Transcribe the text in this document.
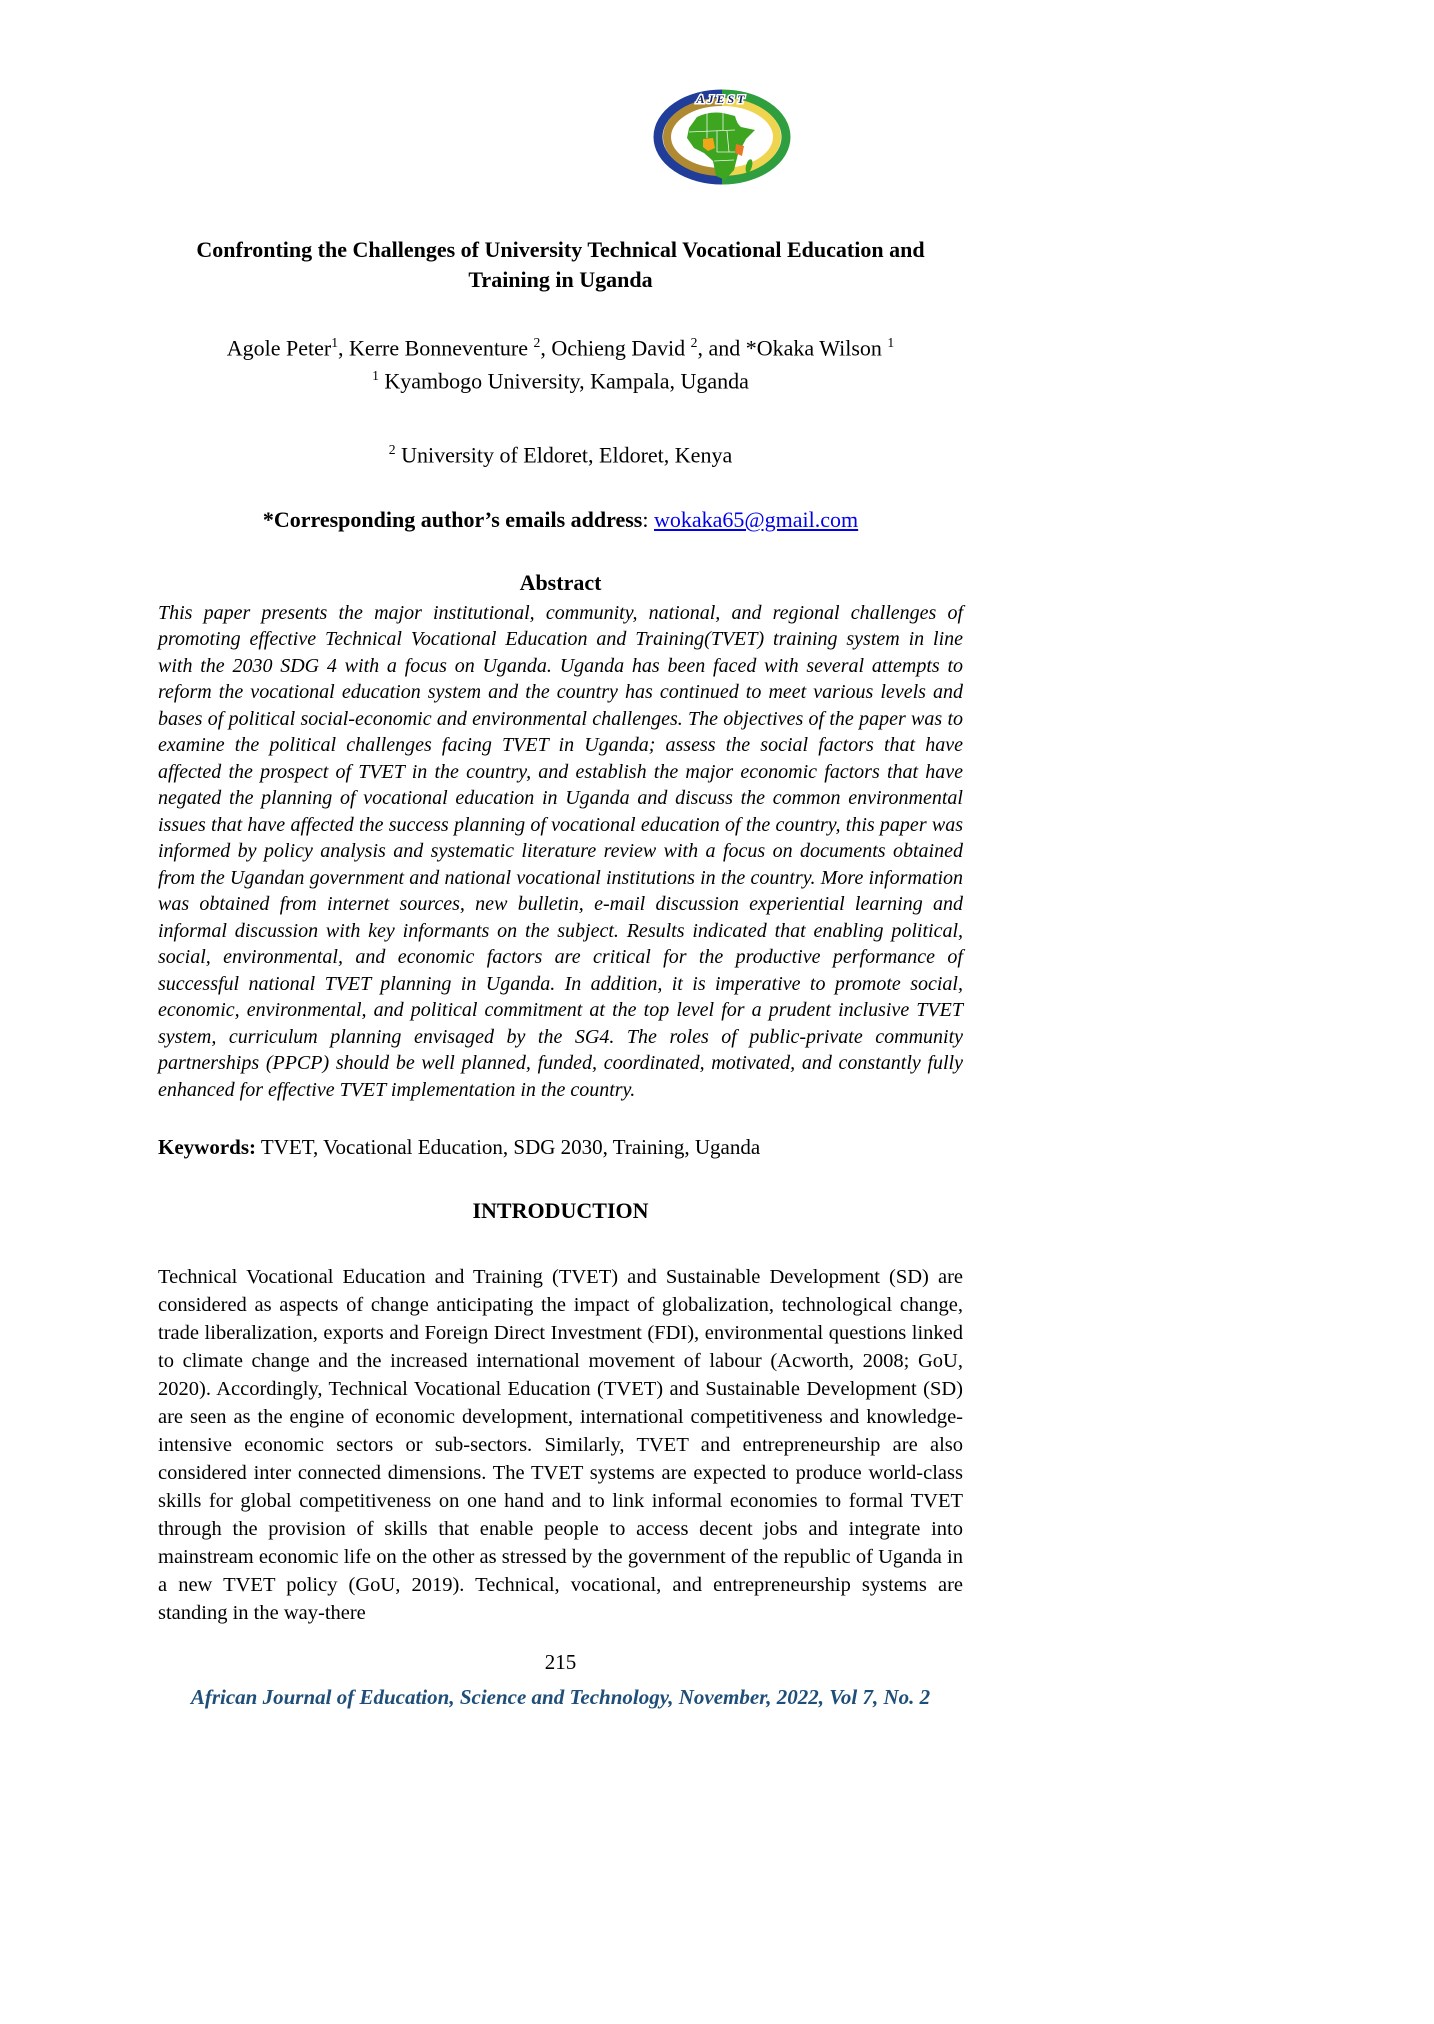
AJEST
Confronting the Challenges of University Technical Vocational Education and
Training in Uganda
Agole Peter$^1$, Kerre Bonneventure $^2$, Ochieng David $^2$, and *Okaka Wilson $^1$
$^1$ Kyambogo University, Kampala, Uganda
$^2$ University of Eldoret, Eldoret, Kenya
*Corresponding author’s emails address: wokaka65@gmail.com
Abstract
This paper presents the major institutional, community, national, and regional challenges of promoting effective Technical Vocational Education and Training(TVET) training system in line with the 2030 SDG 4 with a focus on Uganda. Uganda has been faced with several attempts to reform the vocational education system and the country has continued to meet various levels and bases of political social-economic and environmental challenges. The objectives of the paper was to examine the political challenges facing TVET in Uganda; assess the social factors that have affected the prospect of TVET in the country, and establish the major economic factors that have negated the planning of vocational education in Uganda and discuss the common environmental issues that have affected the success planning of vocational education of the country, this paper was informed by policy analysis and systematic literature review with a focus on documents obtained from the Ugandan government and national vocational institutions in the country. More information was obtained from internet sources, new bulletin, e-mail discussion experiential learning and informal discussion with key informants on the subject. Results indicated that enabling political, social, environmental, and economic factors are critical for the productive performance of successful national TVET planning in Uganda. In addition, it is imperative to promote social, economic, environmental, and political commitment at the top level for a prudent inclusive TVET system, curriculum planning envisaged by the SG4. The roles of public-private community partnerships (PPCP) should be well planned, funded, coordinated, motivated, and constantly fully enhanced for effective TVET implementation in the country.
Keywords: TVET, Vocational Education, SDG 2030, Training, Uganda
INTRODUCTION
Technical Vocational Education and Training (TVET) and Sustainable Development (SD) are considered as aspects of change anticipating the impact of globalization, technological change, trade liberalization, exports and Foreign Direct Investment (FDI), environmental questions linked to climate change and the increased international movement of labour (Acworth, 2008; GoU, 2020). Accordingly, Technical Vocational Education (TVET) and Sustainable Development (SD) are seen as the engine of economic development, international competitiveness and knowledge-intensive economic sectors or sub-sectors. Similarly, TVET and entrepreneurship are also considered inter connected dimensions. The TVET systems are expected to produce world-class skills for global competitiveness on one hand and to link informal economies to formal TVET through the provision of skills that enable people to access decent jobs and integrate into mainstream economic life on the other as stressed by the government of the republic of Uganda in a new TVET policy (GoU, 2019). Technical, vocational, and entrepreneurship systems are standing in the way-there
215
African Journal of Education, Science and Technology, November, 2022, Vol 7, No. 2
